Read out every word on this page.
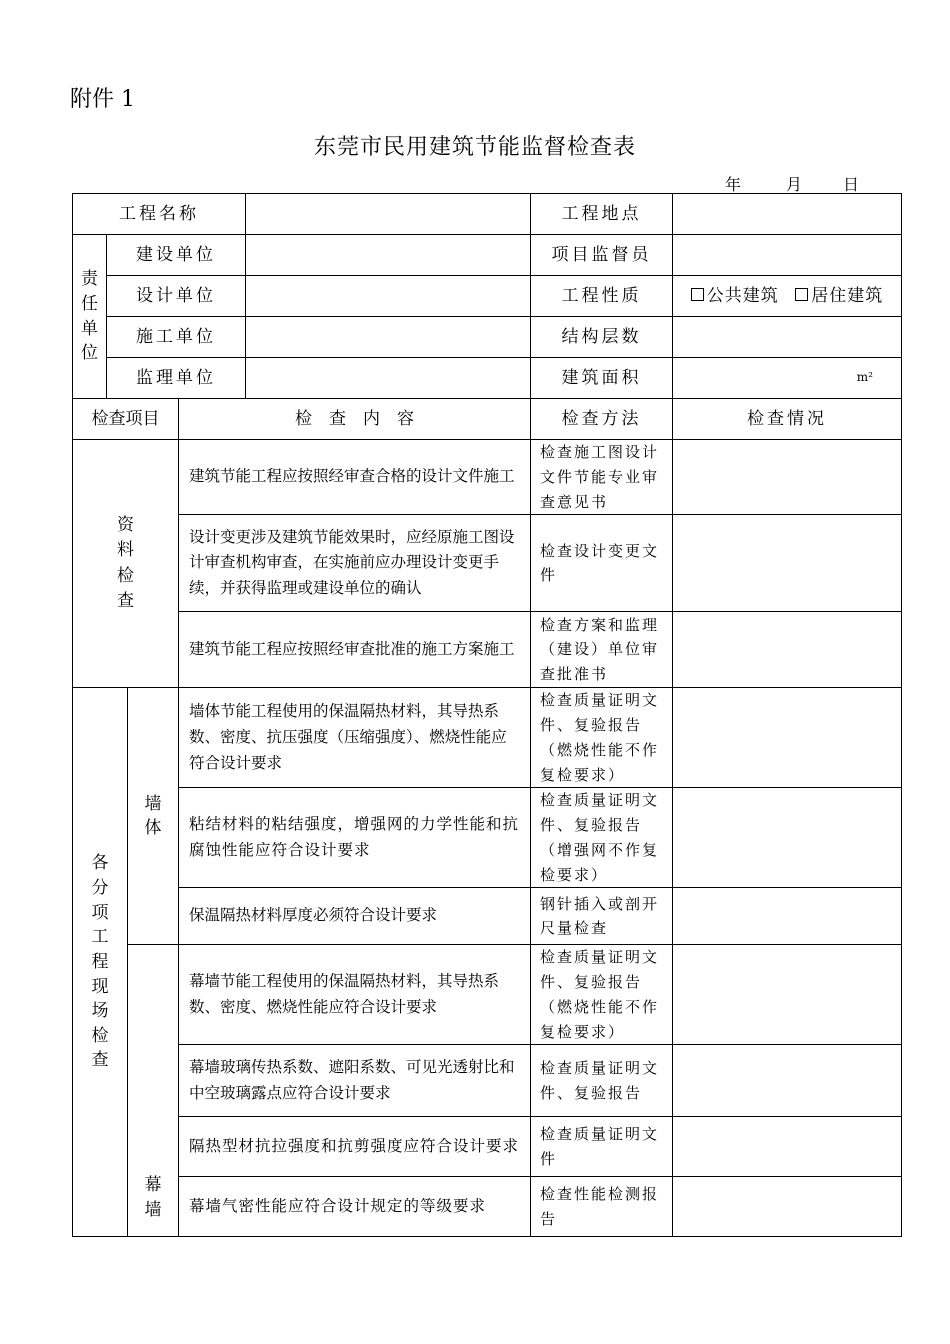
附件 1
东莞市民用建筑节能监督检查表
年	月	日
工程名称					工程地点	
责任单位	建设单位				项目监督员	
	设计单位				工程性质	公共建筑 居住建筑
	施工单位				结构层数	
	监理单位				建筑面积	m²
检查项目			检　查　内　容		检查方法	检查情况
资料检查			建筑节能工程应按照经审查合格的设计文件施工		检查施工图设计文件节能专业审查意见书	
			设计变更涉及建筑节能效果时，应经原施工图设计审查机构审查，在实施前应办理设计变更手续，并获得监理或建设单位的确认		检查设计变更文件	
			建筑节能工程应按照经审查批准的施工方案施工		检查方案和监理（建设）单位审查批准书	
各分项工程现场检查		墙体	墙体节能工程使用的保温隔热材料，其导热系数、密度、抗压强度（压缩强度）、燃烧性能应符合设计要求		检查质量证明文件、复验报告（燃烧性能不作复检要求）	
			粘结材料的粘结强度，增强网的力学性能和抗腐蚀性能应符合设计要求		检查质量证明文件、复验报告（增强网不作复检要求）	
			保温隔热材料厚度必须符合设计要求		钢针插入或剖开尺量检查	
		幕墙	幕墙节能工程使用的保温隔热材料，其导热系数、密度、燃烧性能应符合设计要求		检查质量证明文件、复验报告（燃烧性能不作复检要求）	
			幕墙玻璃传热系数、遮阳系数、可见光透射比和中空玻璃露点应符合设计要求		检查质量证明文件、复验报告	
			隔热型材抗拉强度和抗剪强度应符合设计要求		检查质量证明文件	
			幕墙气密性能应符合设计规定的等级要求		检查性能检测报告	
